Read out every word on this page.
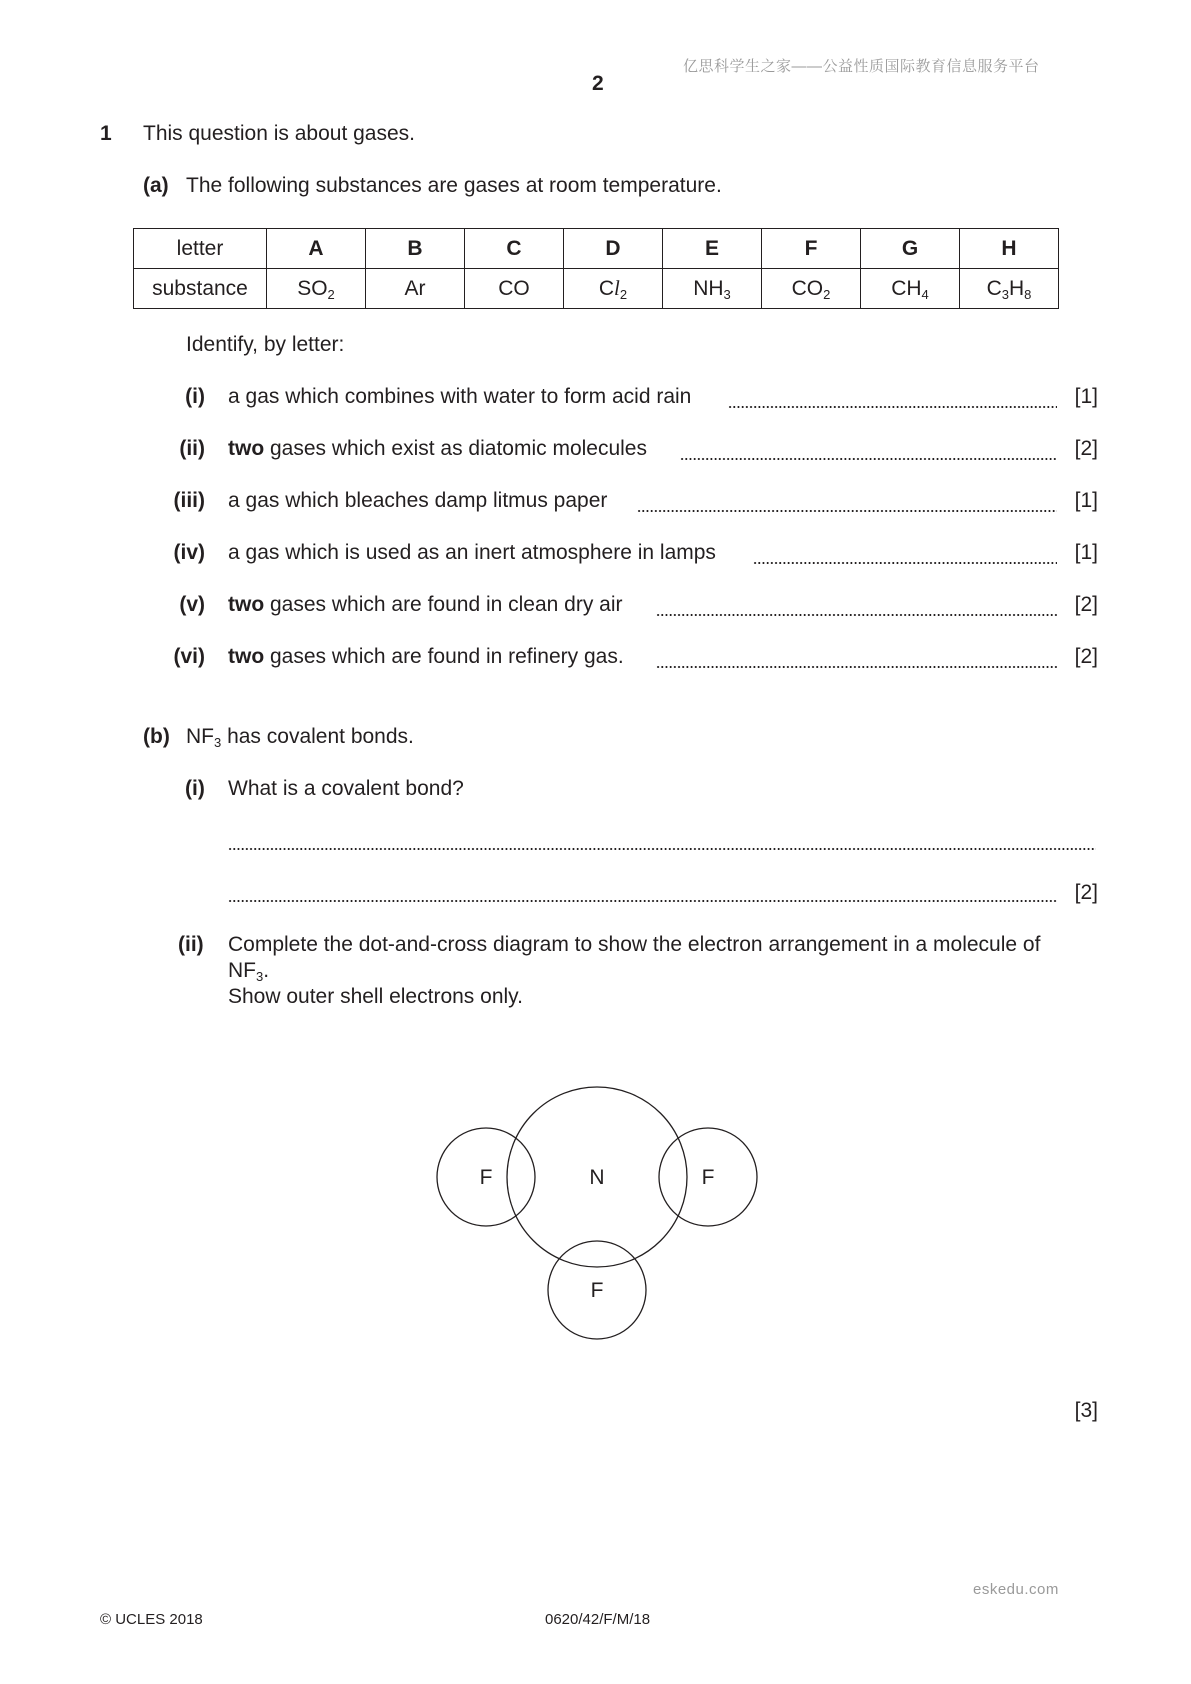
亿思科学生之家——公益性质国际教育信息服务平台
2
1 This question is about gases.
(a) The following substances are gases at room temperature.
letter	A	B	C	D	E	F	G	H
substance	$SO_2$	Ar	CO	$Cl_2$	$NH_3$	$CO_2$	$CH_4$	$C_3H_8$
Identify, by letter:
(i) a gas which combines with water to form acid rain	[1]
(ii) two gases which exist as diatomic molecules	[2]
(iii) a gas which bleaches damp litmus paper	[1]
(iv) a gas which is used as an inert atmosphere in lamps	[1]
(v) two gases which are found in clean dry air	[2]
(vi) two gases which are found in refinery gas.	[2]
(b) $NF_3$ has covalent bonds.
(i) What is a covalent bond?
[2]
(ii) Complete the dot-and-cross diagram to show the electron arrangement in a molecule of
$NF_3$.
Show outer shell electrons only.
N
F	F
F
[3]
eskedu.com
© UCLES 2018	0620/42/F/M/18
